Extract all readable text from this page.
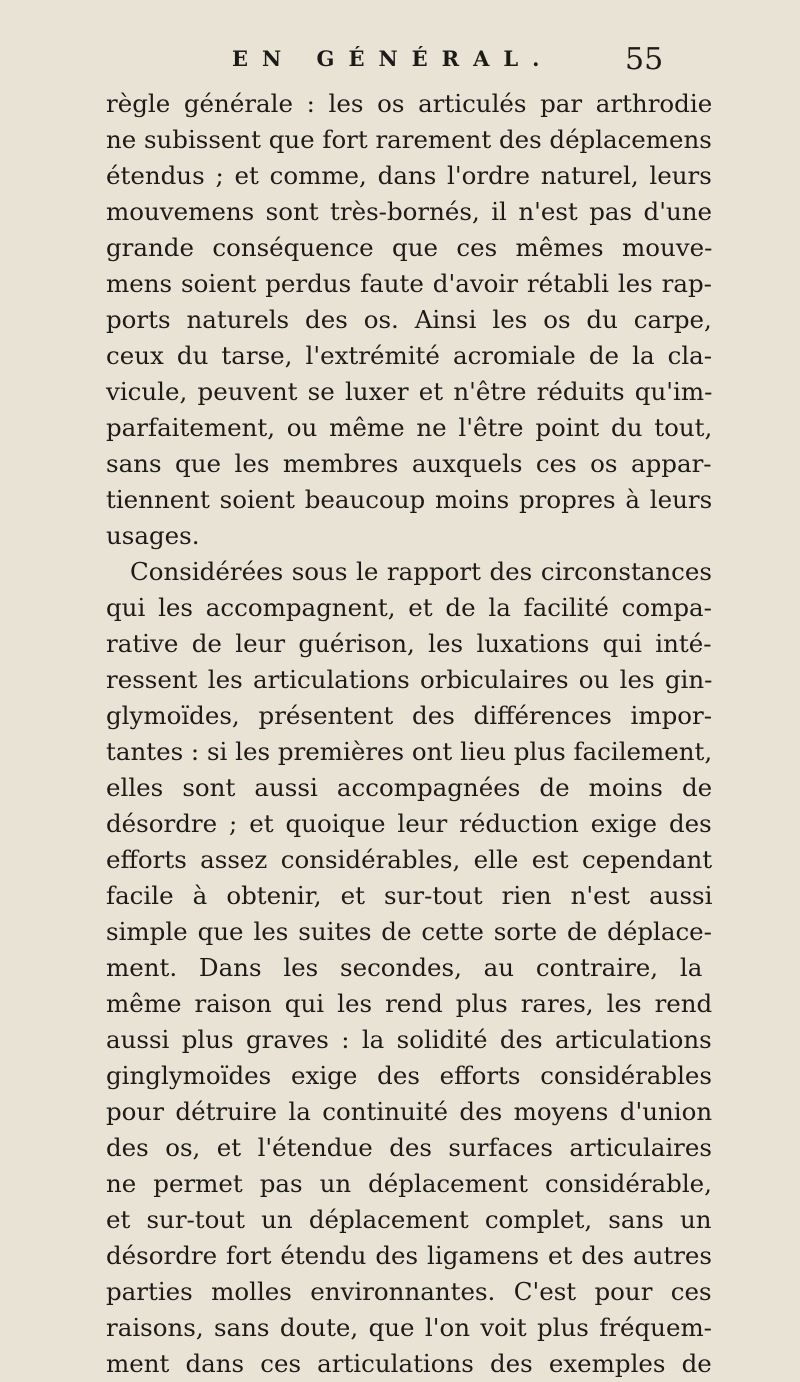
EN GÉNÉRAL. 55
règle générale : les os articulés par arthrodie
ne subissent que fort rarement des déplacemens
étendus ; et comme, dans l'ordre naturel, leurs
mouvemens sont très-bornés, il n'est pas d'une
grande conséquence que ces mêmes mouve-
mens soient perdus faute d'avoir rétabli les rap-
ports naturels des os. Ainsi les os du carpe,
ceux du tarse, l'extrémité acromiale de la cla-
vicule, peuvent se luxer et n'être réduits qu'im-
parfaitement, ou même ne l'être point du tout,
sans que les membres auxquels ces os appar-
tiennent soient beaucoup moins propres à leurs
usages.
Considérées sous le rapport des circonstances
qui les accompagnent, et de la facilité compa-
rative de leur guérison, les luxations qui inté-
ressent les articulations orbiculaires ou les gin-
glymoïdes, présentent des différences impor-
tantes : si les premières ont lieu plus facilement,
elles sont aussi accompagnées de moins de
désordre ; et quoique leur réduction exige des
efforts assez considérables, elle est cependant
facile à obtenir, et sur-tout rien n'est aussi
simple que les suites de cette sorte de déplace-
ment. Dans les secondes, au contraire, la
même raison qui les rend plus rares, les rend
aussi plus graves : la solidité des articulations
ginglymoïdes exige des efforts considérables
pour détruire la continuité des moyens d'union
des os, et l'étendue des surfaces articulaires
ne permet pas un déplacement considérable,
et sur-tout un déplacement complet, sans un
désordre fort étendu des ligamens et des autres
parties molles environnantes. C'est pour ces
raisons, sans doute, que l'on voit plus fréquem-
ment dans ces articulations des exemples de
